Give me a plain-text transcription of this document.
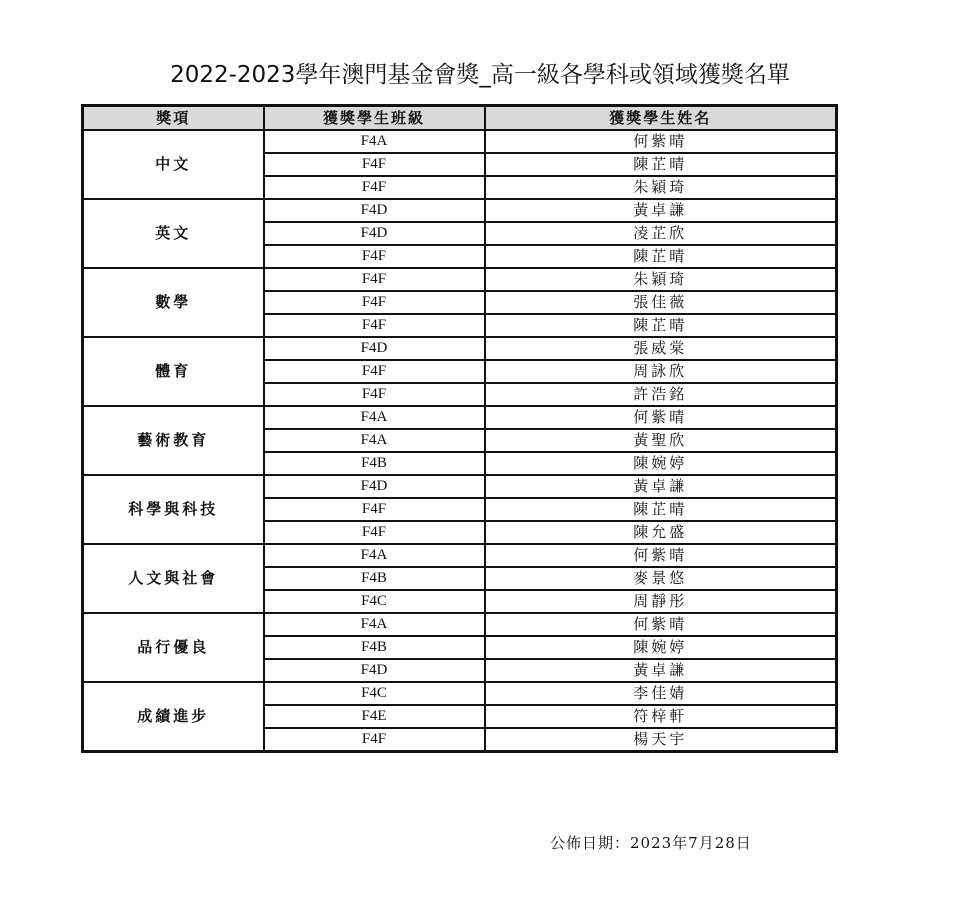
2022-2023學年澳門基金會獎_高一級各學科或領域獲獎名單
獎項	獲獎學生班級	獲獎學生姓名
中文	F4A	何紫晴
	F4F	陳芷晴
	F4F	朱穎琦
英文	F4D	黃卓謙
	F4D	凌芷欣
	F4F	陳芷晴
數學	F4F	朱穎琦
	F4F	張佳薇
	F4F	陳芷晴
體育	F4D	張威棠
	F4F	周詠欣
	F4F	許浩銘
藝術教育	F4A	何紫晴
	F4A	黃聖欣
	F4B	陳婉婷
科學與科技	F4D	黃卓謙
	F4F	陳芷晴
	F4F	陳允盛
人文與社會	F4A	何紫晴
	F4B	麥景悠
	F4C	周靜彤
品行優良	F4A	何紫晴
	F4B	陳婉婷
	F4D	黃卓謙
成績進步	F4C	李佳婧
	F4E	符梓軒
	F4F	楊天宇
公佈日期：2023年7月28日
